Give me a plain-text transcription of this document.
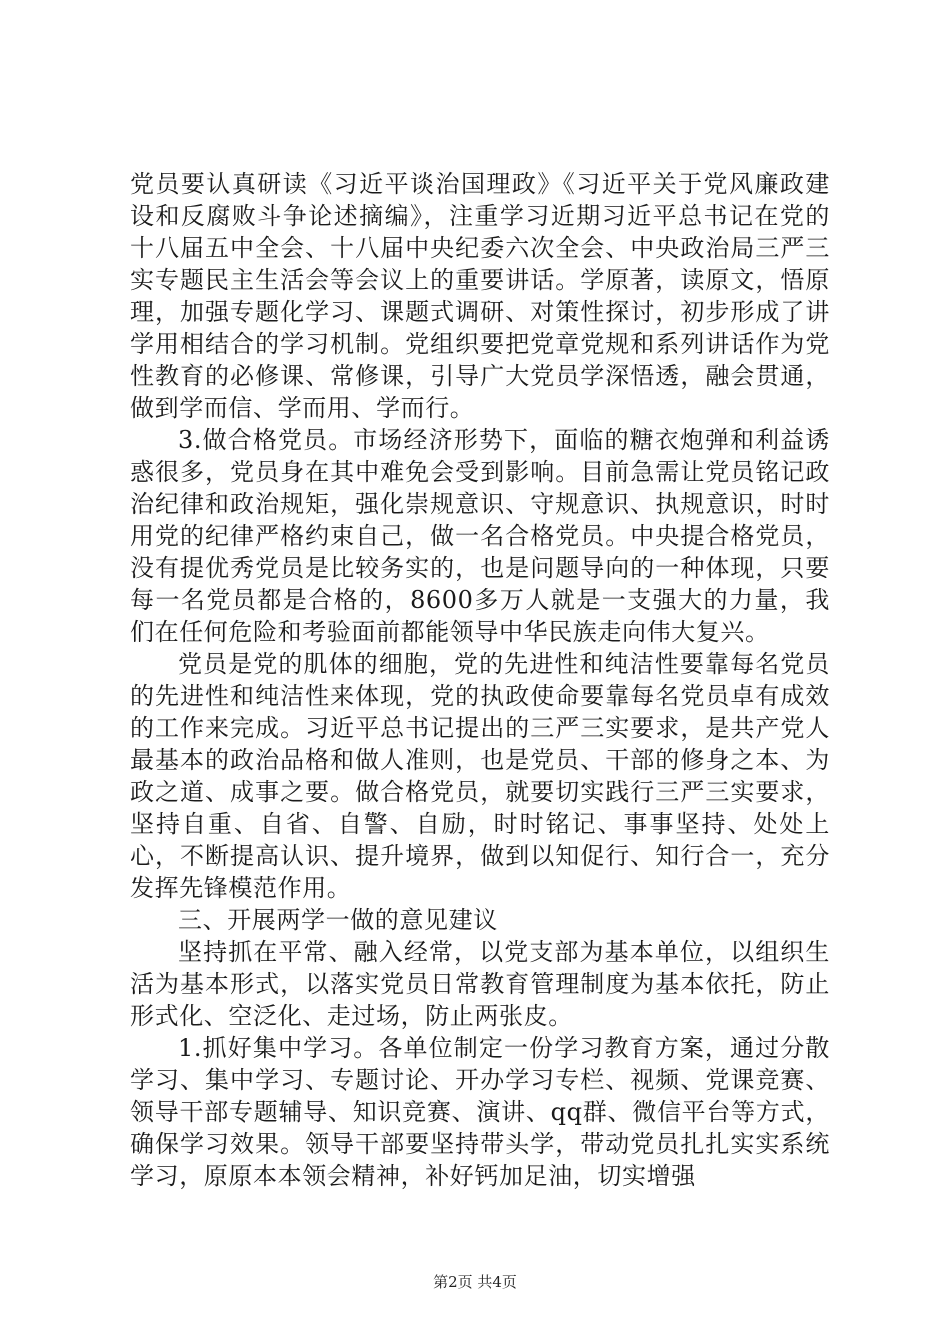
党员要认真研读《习近平谈治国理政》《习近平关于党风廉政建设和反腐败斗争论述摘编》，注重学习近期习近平总书记在党的十八届五中全会、十八届中央纪委六次全会、中央政治局三严三实专题民主生活会等会议上的重要讲话。学原著，读原文，悟原理，加强专题化学习、课题式调研、对策性探讨，初步形成了讲学用相结合的学习机制。党组织要把党章党规和系列讲话作为党性教育的必修课、常修课，引导广大党员学深悟透，融会贯通，做到学而信、学而用、学而行。

3.做合格党员。市场经济形势下，面临的糖衣炮弹和利益诱惑很多，党员身在其中难免会受到影响。目前急需让党员铭记政治纪律和政治规矩，强化崇规意识、守规意识、执规意识，时时用党的纪律严格约束自己，做一名合格党员。中央提合格党员，没有提优秀党员是比较务实的，也是问题导向的一种体现，只要每一名党员都是合格的，8600多万人就是一支强大的力量，我们在任何危险和考验面前都能领导中华民族走向伟大复兴。

党员是党的肌体的细胞，党的先进性和纯洁性要靠每名党员的先进性和纯洁性来体现，党的执政使命要靠每名党员卓有成效的工作来完成。习近平总书记提出的三严三实要求，是共产党人最基本的政治品格和做人准则，也是党员、干部的修身之本、为政之道、成事之要。做合格党员，就要切实践行三严三实要求，坚持自重、自省、自警、自励，时时铭记、事事坚持、处处上心，不断提高认识、提升境界，做到以知促行、知行合一，充分发挥先锋模范作用。

三、开展两学一做的意见建议

坚持抓在平常、融入经常，以党支部为基本单位，以组织生活为基本形式，以落实党员日常教育管理制度为基本依托，防止形式化、空泛化、走过场，防止两张皮。

1.抓好集中学习。各单位制定一份学习教育方案，通过分散学习、集中学习、专题讨论、开办学习专栏、视频、党课竞赛、领导干部专题辅导、知识竞赛、演讲、qq群、微信平台等方式，确保学习效果。领导干部要坚持带头学，带动党员扎扎实实系统学习，原原本本领会精神，补好钙加足油，切实增强

第2页 共4页
